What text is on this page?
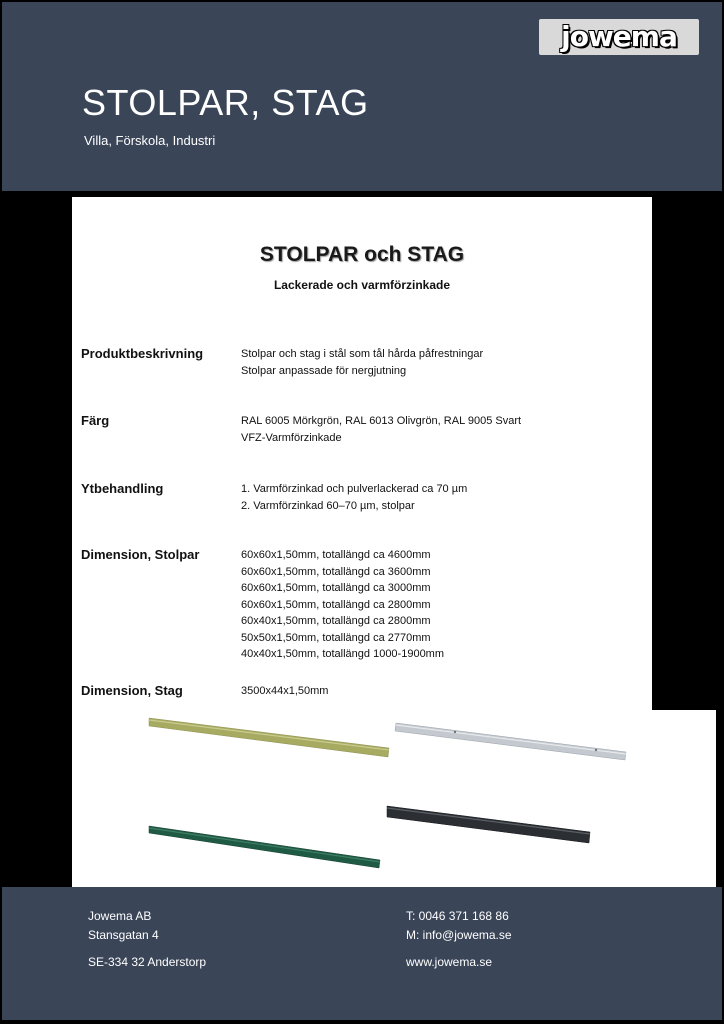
STOLPAR, STAG
Villa, Förskola, Industri
jowema
STOLPAR och STAG
Lackerade och varmförzinkade
Produktbeskrivning	Stolpar och stag i stål som tål hårda påfrestningar
Stolpar anpassade för nergjutning
Färg	RAL 6005 Mörkgrön, RAL 6013 Olivgrön, RAL 9005 Svart
VFZ-Varmförzinkade
Ytbehandling	1. Varmförzinkad och pulverlackerad ca 70 µm
2. Varmförzinkad 60–70 µm, stolpar
Dimension, Stolpar	60x60x1,50mm, totallängd ca 4600mm
60x60x1,50mm, totallängd ca 3600mm
60x60x1,50mm, totallängd ca 3000mm
60x60x1,50mm, totallängd ca 2800mm
60x40x1,50mm, totallängd ca 2800mm
50x50x1,50mm, totallängd ca 2770mm
40x40x1,50mm, totallängd 1000-1900mm
Dimension, Stag	3500x44x1,50mm
Jowema AB
Stansgatan 4
SE-334 32 Anderstorp
T: 0046 371 168 86
M: info@jowema.se
www.jowema.se
